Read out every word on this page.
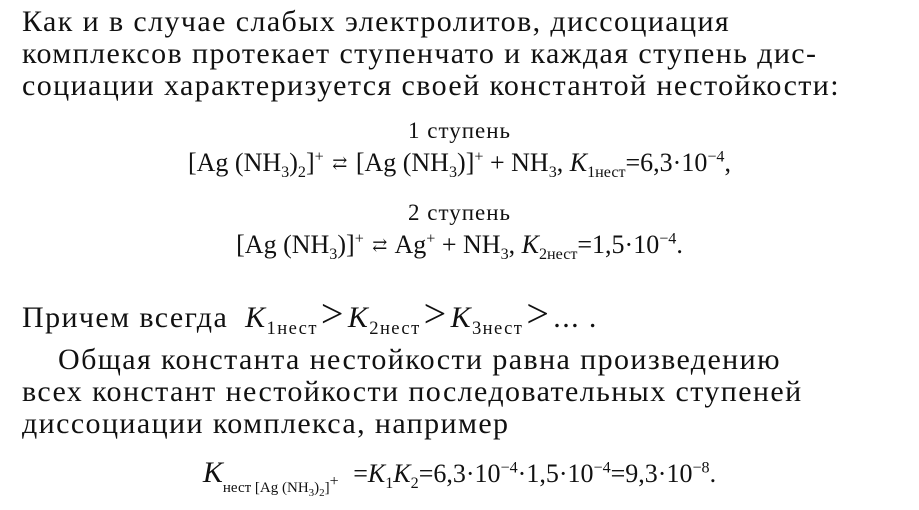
Как и в случае слабых электролитов, диссоциация
комплексов протекает ступенчато и каждая ступень дис-
социации характеризуется своей константой нестойкости:
1 ступень
[Ag $(NH_3)_2]^+$ ⇄ [Ag $(NH_3)]^+ + NH_3$, $K_{1нест}=6,3\cdot 10^{-4}$,
2 ступень
[Ag $(NH_3)]^+$ ⇄ $Ag^+ + NH_3$, $K_{2нест}=1,5\cdot 10^{-4}$.
Причем всегда $K_{1нест}> K_{2нест}> K_{3нест}>$ ... .
Общая константа нестойкости равна произведению
всех констант нестойкости последовательных ступеней
диссоциации комплекса, например
$K_{нест [Ag (NH_3)_2]^+} =K_1K_2=6,3\cdot 10^{-4}\cdot 1,5\cdot 10^{-4}=9,3\cdot 10^{-8}$.
